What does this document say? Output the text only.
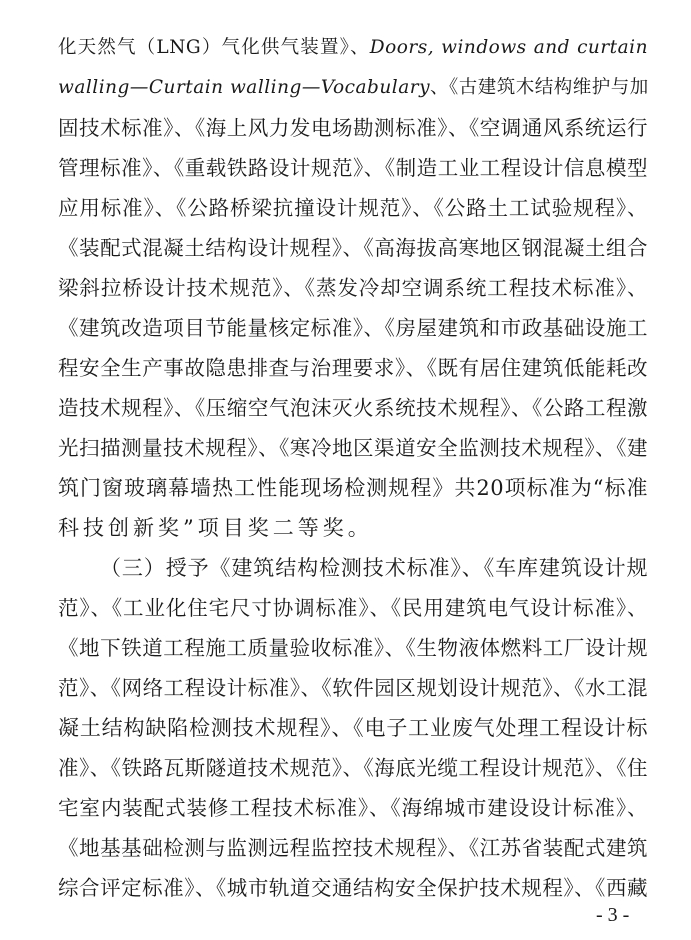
化天然气（LNG）气化供气装置》、Doors, windows and curtain
walling—Curtain walling—Vocabulary、《古建筑木结构维护与加
固技术标准》、《海上风力发电场勘测标准》、《空调通风系统运行
管理标准》、《重载铁路设计规范》、《制造工业工程设计信息模型
应用标准》、《公路桥梁抗撞设计规范》、《公路土工试验规程》、
《装配式混凝土结构设计规程》、《高海拔高寒地区钢混凝土组合
梁斜拉桥设计技术规范》、《蒸发冷却空调系统工程技术标准》、
《建筑改造项目节能量核定标准》、《房屋建筑和市政基础设施工
程安全生产事故隐患排查与治理要求》、《既有居住建筑低能耗改
造技术规程》、《压缩空气泡沫灭火系统技术规程》、《公路工程激
光扫描测量技术规程》、《寒冷地区渠道安全监测技术规程》、《建
筑门窗玻璃幕墙热工性能现场检测规程》共20项标准为“标准
科技创新奖”项目奖二等奖。
（三）授予《建筑结构检测技术标准》、《车库建筑设计规
范》、《工业化住宅尺寸协调标准》、《民用建筑电气设计标准》、
《地下铁道工程施工质量验收标准》、《生物液体燃料工厂设计规
范》、《网络工程设计标准》、《软件园区规划设计规范》、《水工混
凝土结构缺陷检测技术规程》、《电子工业废气处理工程设计标
准》、《铁路瓦斯隧道技术规范》、《海底光缆工程设计规范》、《住
宅室内装配式装修工程技术标准》、《海绵城市建设设计标准》、
《地基基础检测与监测远程监控技术规程》、《江苏省装配式建筑
综合评定标准》、《城市轨道交通结构安全保护技术规程》、《西藏
- 3 -
